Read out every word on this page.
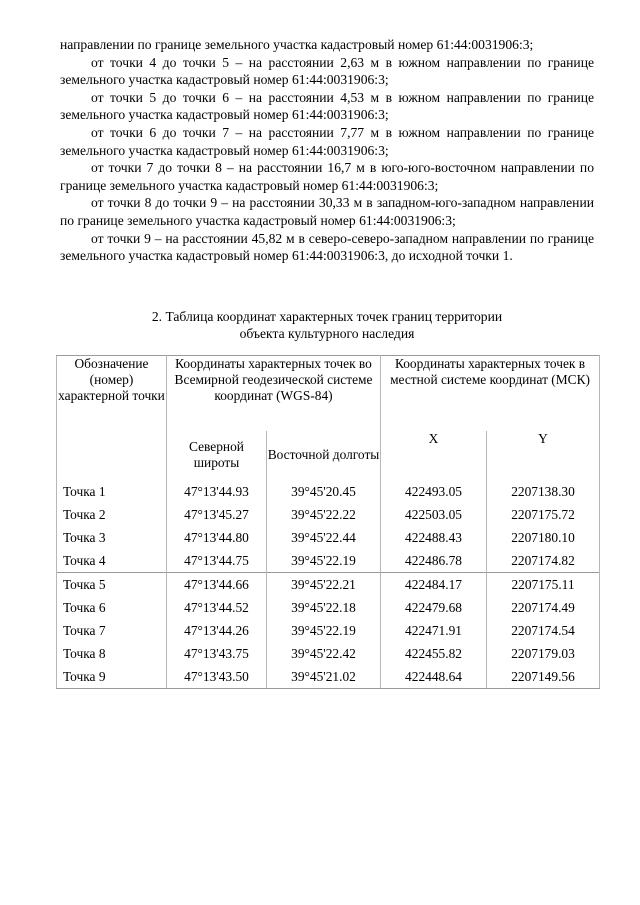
направлении по границе земельного участка кадастровый номер 61:44:0031906:3;

от точки 4 до точки 5 – на расстоянии 2,63 м в южном направлении по границе земельного участка кадастровый номер 61:44:0031906:3;

от точки 5 до точки 6 – на расстоянии 4,53 м в южном направлении по границе земельного участка кадастровый номер 61:44:0031906:3;

от точки 6 до точки 7 – на расстоянии 7,77 м в южном направлении по границе земельного участка кадастровый номер 61:44:0031906:3;

от точки 7 до точки 8 – на расстоянии 16,7 м в юго-юго-восточном направлении по границе земельного участка кадастровый номер 61:44:0031906:3;

от точки 8 до точки 9 – на расстоянии 30,33 м в западном-юго-западном направлении по границе земельного участка кадастровый номер 61:44:0031906:3;

от точки 9 – на расстоянии 45,82 м в северо-северо-западном направлении по границе земельного участка кадастровый номер 61:44:0031906:3, до исходной точки 1.

2. Таблица координат характерных точек границ территории
объекта культурного наследия
Обозначение (номер) характерной точки	Координаты характерных точек во Всемирной геодезической системе координат (WGS-84)		Координаты характерных точек в местной системе координат (МСК)	
	Северной широты	Восточной долготы	X	Y
Точка 1	47°13'44.93	39°45'20.45	422493.05	2207138.30
Точка 2	47°13'45.27	39°45'22.22	422503.05	2207175.72
Точка 3	47°13'44.80	39°45'22.44	422488.43	2207180.10
Точка 4	47°13'44.75	39°45'22.19	422486.78	2207174.82
Точка 5	47°13'44.66	39°45'22.21	422484.17	2207175.11
Точка 6	47°13'44.52	39°45'22.18	422479.68	2207174.49
Точка 7	47°13'44.26	39°45'22.19	422471.91	2207174.54
Точка 8	47°13'43.75	39°45'22.42	422455.82	2207179.03
Точка 9	47°13'43.50	39°45'21.02	422448.64	2207149.56
